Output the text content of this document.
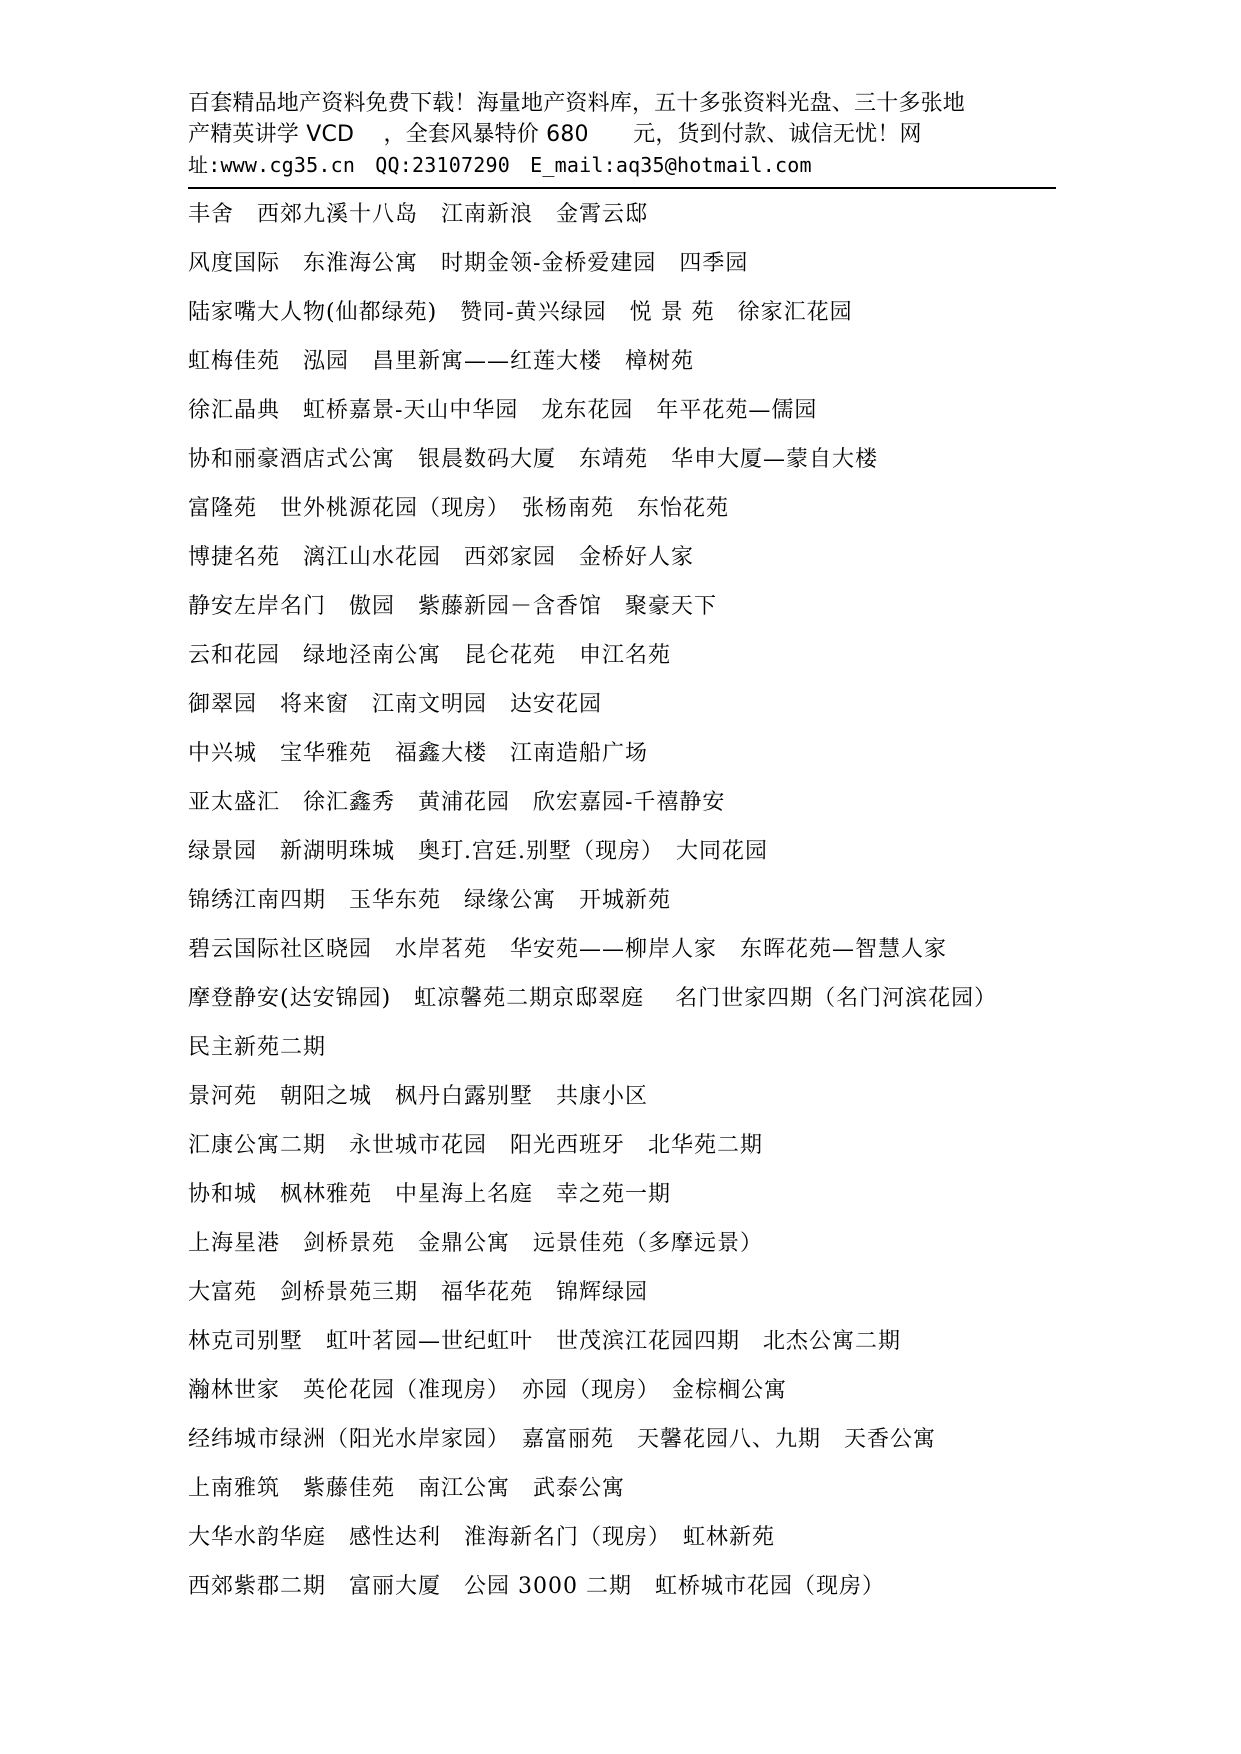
百套精品地产资料免费下载！海量地产资料库，五十多张资料光盘、三十多张地
产精英讲学 VCD　 ，全套风暴特价 680　　元，货到付款、诚信无忧！网
址:www.cg35.cn　QQ:23107290　E_mail:aq35@hotmail.com
丰舍　西郊九溪十八岛　江南新浪　金霄云邸
风度国际　东淮海公寓　时期金领-金桥爱建园　四季园
陆家嘴大人物(仙都绿苑)　赞同-黄兴绿园　悦 景 苑　徐家汇花园
虹梅佳苑　泓园　昌里新寓——红莲大楼　樟树苑
徐汇晶典　虹桥嘉景-天山中华园　龙东花园　年平花苑—儒园
协和丽豪酒店式公寓　银晨数码大厦　东靖苑　华申大厦—蒙自大楼
富隆苑　世外桃源花园（现房）　张杨南苑　东怡花苑
博捷名苑　漓江山水花园　西郊家园　金桥好人家
静安左岸名门　傲园　紫藤新园－含香馆　聚豪天下
云和花园　绿地泾南公寓　昆仑花苑　申江名苑
御翠园　将来窗　江南文明园　达安花园
中兴城　宝华雅苑　福鑫大楼　江南造船广场
亚太盛汇　徐汇鑫秀　黄浦花园　欣宏嘉园-千禧静安
绿景园　新湖明珠城　奥玎.宫廷.别墅（现房）　大同花园
锦绣江南四期　玉华东苑　绿缘公寓　开城新苑
碧云国际社区晓园　水岸茗苑　华安苑——柳岸人家　东晖花苑—智慧人家
摩登静安(达安锦园)　虹凉馨苑二期京邸翠庭　 名门世家四期（名门河滨花园）
民主新苑二期
景河苑　朝阳之城　枫丹白露别墅　共康小区
汇康公寓二期　永世城市花园　阳光西班牙　北华苑二期
协和城　枫林雅苑　中星海上名庭　幸之苑一期
上海星港　剑桥景苑　金鼎公寓　远景佳苑（多摩远景）
大富苑　剑桥景苑三期　福华花苑　锦辉绿园
林克司别墅　虹叶茗园—世纪虹叶　世茂滨江花园四期　北杰公寓二期
瀚林世家　英伦花园（准现房）　亦园（现房）　金棕榈公寓
经纬城市绿洲（阳光水岸家园）　嘉富丽苑　天馨花园八、九期　天香公寓
上南雅筑　紫藤佳苑　南江公寓　武泰公寓
大华水韵华庭　感性达利　淮海新名门（现房）　虹林新苑
西郊紫郡二期　富丽大厦　公园 3000 二期　虹桥城市花园（现房）
